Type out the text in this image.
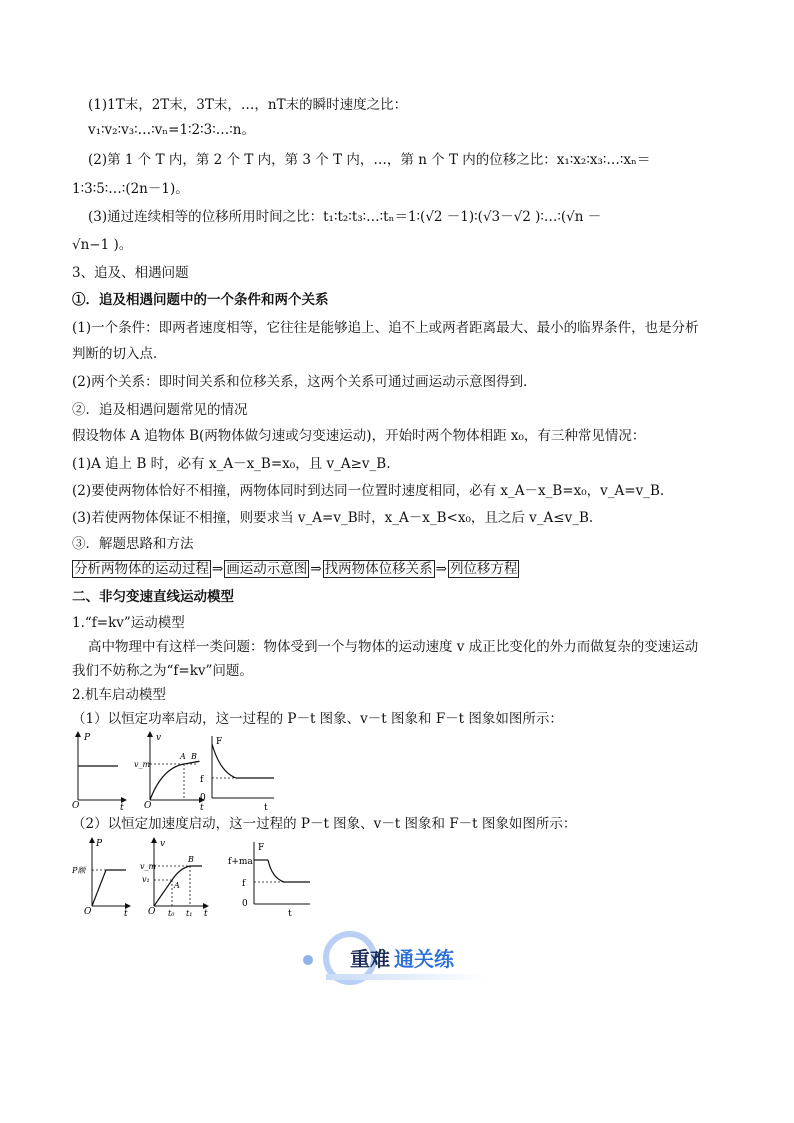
(1)1T末，2T末，3T末，…，nT末的瞬时速度之比：
v₁∶v₂∶v₃∶…∶vₙ=1∶2∶3∶…∶n。
(2)第 1 个 T 内，第 2 个 T 内，第 3 个 T 内，…，第 n 个 T 内的位移之比：x₁∶x₂∶x₃∶…∶xₙ＝
1∶3∶5∶…∶(2n－1)。
(3)通过连续相等的位移所用时间之比：t₁∶t₂∶t₃∶…∶tₙ＝1∶(√2 －1)∶(√3－√2 )∶…∶(√n －
√n−1 )。
3、追及、相遇问题
①．追及相遇问题中的一个条件和两个关系
(1)一个条件：即两者速度相等，它往往是能够追上、追不上或两者距离最大、最小的临界条件，也是分析
判断的切入点．
(2)两个关系：即时间关系和位移关系，这两个关系可通过画运动示意图得到．
②．追及相遇问题常见的情况
假设物体 A 追物体 B(两物体做匀速或匀变速运动)，开始时两个物体相距 x₀，有三种常见情况：
(1)A 追上 B 时，必有 x_A－x_B=x₀，且 v_A≥v_B.
(2)要使两物体恰好不相撞，两物体同时到达同一位置时速度相同，必有 x_A－x_B=x₀，v_A=v_B.
(3)若使两物体保证不相撞，则要求当 v_A=v_B时，x_A－x_B<x₀，且之后 v_A≤v_B.
③．解题思路和方法
分析两物体的运动过程 ⇒ 画运动示意图 ⇒ 找两物体位移关系 ⇒ 列位移方程
二、非匀变速直线运动模型
1.“f=kv”运动模型
高中物理中有这样一类问题：物体受到一个与物体的运动速度 v 成正比变化的外力而做复杂的变速运动
我们不妨称之为“f=kv”问题。
2.机车启动模型
（1）以恒定功率启动，这一过程的 P－t 图象、v－t 图象和 F－t 图象如图所示：
P
O	t
v
v_m
A B
O	t
F
f
0
t
（2）以恒定加速度启动，这一过程的 P－t 图象、v－t 图象和 F－t 图象如图所示：
P
P额
O	t
v
v_m
v₁
B
A
t₀ t₁
O	t
F
f+ma
f
0
t
重难 通关练
